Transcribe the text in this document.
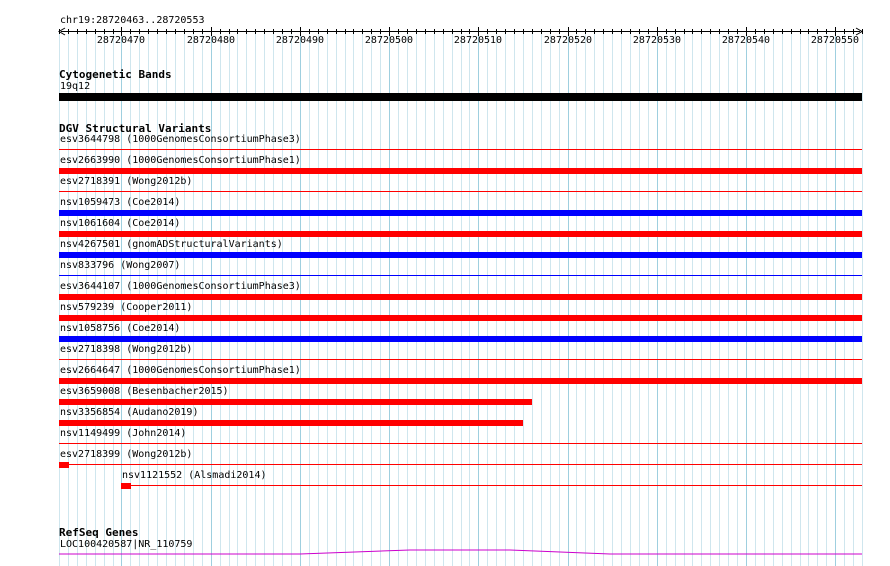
chr19:28720463..28720553
28720470	28720480	28720490	28720500	28720510	28720520	28720530	28720540	28720550
Cytogenetic Bands
19q12
DGV Structural Variants
esv3644798 (1000GenomesConsortiumPhase3)
esv2663990 (1000GenomesConsortiumPhase1)
esv2718391 (Wong2012b)
nsv1059473 (Coe2014)
nsv1061604 (Coe2014)
nsv4267501 (gnomADStructuralVariants)
nsv833796 (Wong2007)
esv3644107 (1000GenomesConsortiumPhase3)
nsv579239 (Cooper2011)
nsv1058756 (Coe2014)
esv2718398 (Wong2012b)
esv2664647 (1000GenomesConsortiumPhase1)
esv3659008 (Besenbacher2015)
nsv3356854 (Audano2019)
nsv1149499 (John2014)
esv2718399 (Wong2012b)
nsv1121552 (Alsmadi2014)
RefSeq Genes
LOC100420587|NR_110759
